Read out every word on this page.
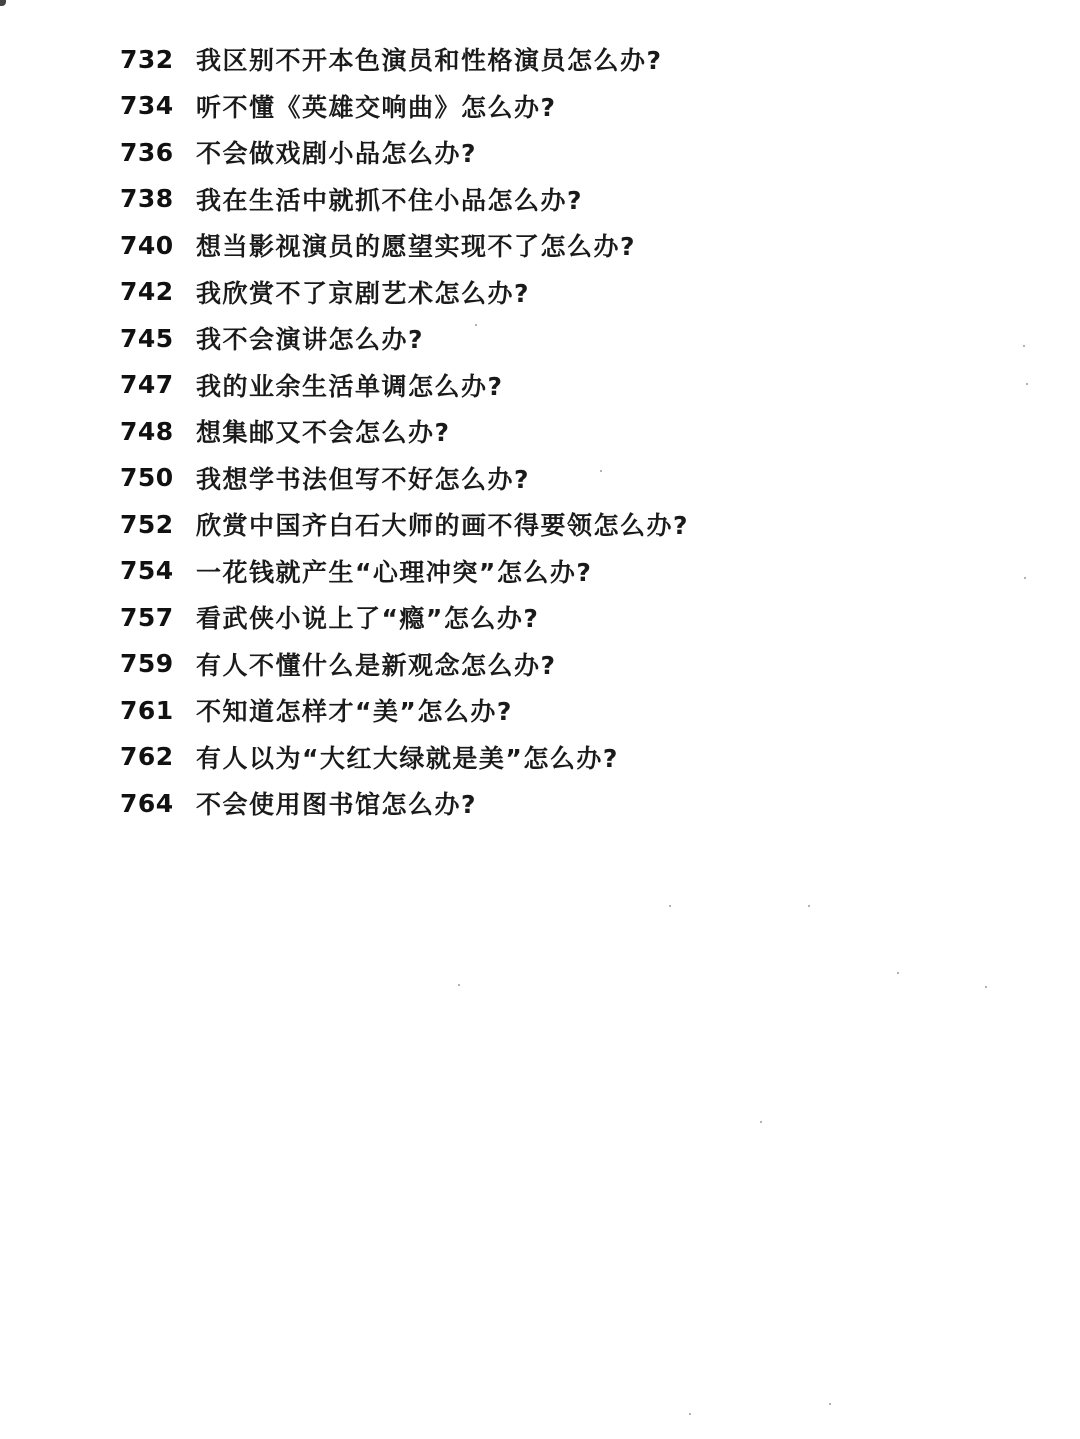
732 我区别不开本色演员和性格演员怎么办?
734 听不懂《英雄交响曲》怎么办?
736 不会做戏剧小品怎么办?
738 我在生活中就抓不住小品怎么办?
740 想当影视演员的愿望实现不了怎么办?
742 我欣赏不了京剧艺术怎么办?
745 我不会演讲怎么办?
747 我的业余生活单调怎么办?
748 想集邮又不会怎么办?
750 我想学书法但写不好怎么办?
752 欣赏中国齐白石大师的画不得要领怎么办?
754 一花钱就产生“心理冲突”怎么办?
757 看武侠小说上了“瘾”怎么办?
759 有人不懂什么是新观念怎么办?
761 不知道怎样才“美”怎么办?
762 有人以为“大红大绿就是美”怎么办?
764 不会使用图书馆怎么办?
